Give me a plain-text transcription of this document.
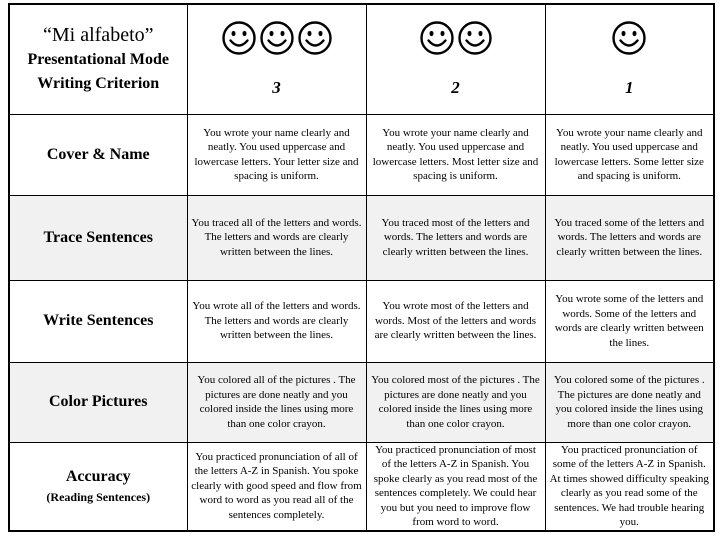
“Mi alfabeto”
Presentational Mode
Writing Criterion	3	2	1

Cover & Name	You wrote your name clearly and neatly. You used uppercase and lowercase letters. Your letter size and spacing is uniform.	You wrote your name clearly and neatly. You used uppercase and lowercase letters. Most letter size and spacing is uniform.	You wrote your name clearly and neatly. You used uppercase and lowercase letters. Some letter size and spacing is uniform.

Trace Sentences	You traced all of the letters and words. The letters and words are clearly written between the lines.	You traced most of the letters and words. The letters and words are clearly written between the lines.	You traced some of the letters and words. The letters and words are clearly written between the lines.

Write Sentences	You wrote all of the letters and words. The letters and words are clearly written between the lines.	You wrote most of the letters and words. Most of the letters and words are clearly written between the lines.	You wrote some of the letters and words. Some of the letters and words are clearly written between the lines.

Color Pictures	You colored all of the pictures . The pictures are done neatly and you colored inside the lines using more than one color crayon.	You colored most of the pictures . The pictures are done neatly and you colored inside the lines using more than one color crayon.	You colored some of the pictures . The pictures are done neatly and you colored inside the lines using more than one color crayon.

Accuracy
(Reading Sentences)	You practiced pronunciation of all of the letters A-Z in Spanish. You spoke clearly with good speed and flow from word to word as you read all of the sentences completely.	You practiced pronunciation of most of the letters A-Z in Spanish. You spoke clearly as you read most of the sentences completely. We could hear you but you need to improve flow from word to word.	You practiced pronunciation of some of the letters A-Z in Spanish. At times showed difficulty speaking clearly as you read some of the sentences. We had trouble hearing you.
